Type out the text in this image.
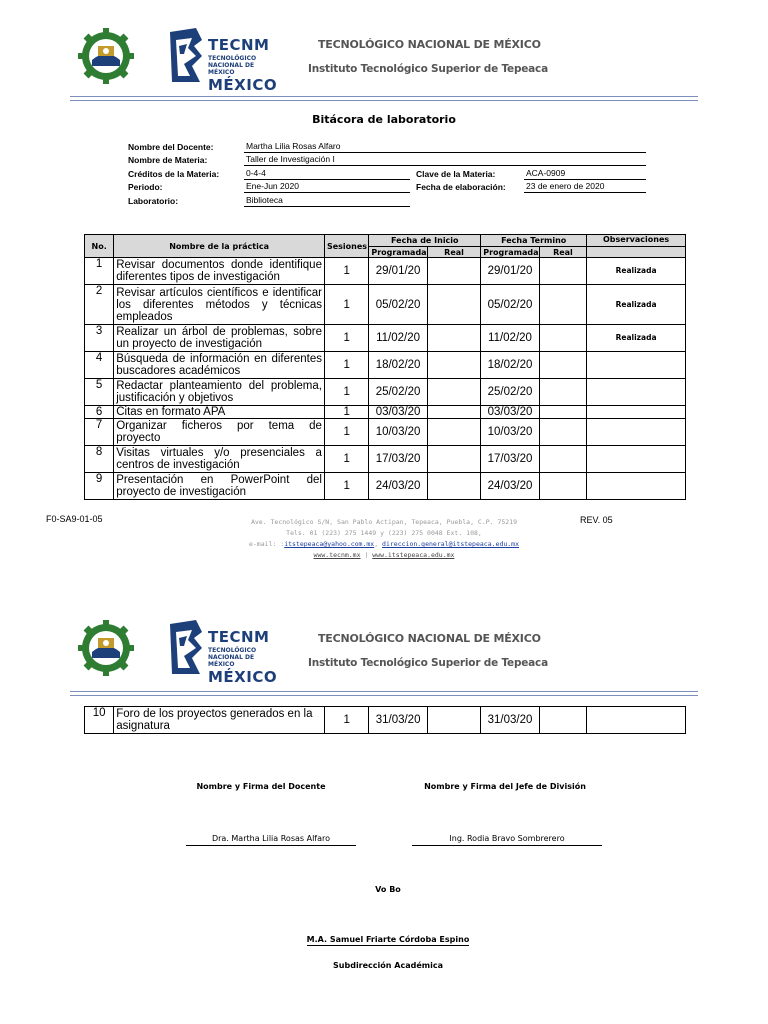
TECNM
TECNOLÓGICO NACIONAL DE MÉXICO
MÉXICO
TECNOLÓGICO NACIONAL DE MÉXICO
Instituto Tecnológico Superior de Tepeaca
Bitácora de laboratorio
Nombre del Docente:	Martha Lilia Rosas Alfaro
Nombre de Materia:	Taller de Investigación I
Créditos de la Materia:	0-4-4	Clave de la Materia:	ACA-0909
Periodo:	Ene-Jun 2020	Fecha de elaboración: 23 de enero de 2020
Laboratorio:	Biblioteca
No.	Nombre de la práctica	Sesiones	Fecha de Inicio		Fecha Termino		Observaciones
			Programada	Real	Programada	Real	
1	Revisar documentos donde identifique diferentes tipos de investigación	1	29/01/20		29/01/20		Realizada
2	Revisar artículos científicos e identificar los diferentes métodos y técnicas empleados	1	05/02/20		05/02/20		Realizada
3	Realizar un árbol de problemas, sobre un proyecto de investigación	1	11/02/20		11/02/20		Realizada
4	Búsqueda de información en diferentes buscadores académicos	1	18/02/20		18/02/20		
5	Redactar planteamiento del problema, justificación y objetivos	1	25/02/20		25/02/20		
6	Citas en formato APA	1	03/03/20		03/03/20		
7	Organizar ficheros por tema de proyecto	1	10/03/20		10/03/20		
8	Visitas virtuales y/o presenciales a centros de investigación	1	17/03/20		17/03/20		
9	Presentación en PowerPoint del proyecto de investigación	1	24/03/20		24/03/20		
F0-SA9-01-05	REV. 05
Ave. Tecnológico S/N, San Pablo Actipan, Tepeaca, Puebla, C.P. 75219
Tels. 01 (223) 275 1449 y (223) 275 0048 Ext. 108,
e-mail: :itstepeaca@yahoo.com.mx, direccion.general@itstepeaca.edu.mx
www.tecnm.mx | www.itstepeaca.edu.mx
TECNM
TECNOLÓGICO NACIONAL DE MÉXICO
MÉXICO
TECNOLÓGICO NACIONAL DE MÉXICO
Instituto Tecnológico Superior de Tepeaca
10	Foro de los proyectos generados en la asignatura	1	31/03/20		31/03/20		
Nombre y Firma del Docente	Nombre y Firma del Jefe de División
Dra. Martha Lilia Rosas Alfaro	Ing. Rodia Bravo Sombrerero
Vo Bo
M.A. Samuel Friarte Córdoba Espino
Subdirección Académica
